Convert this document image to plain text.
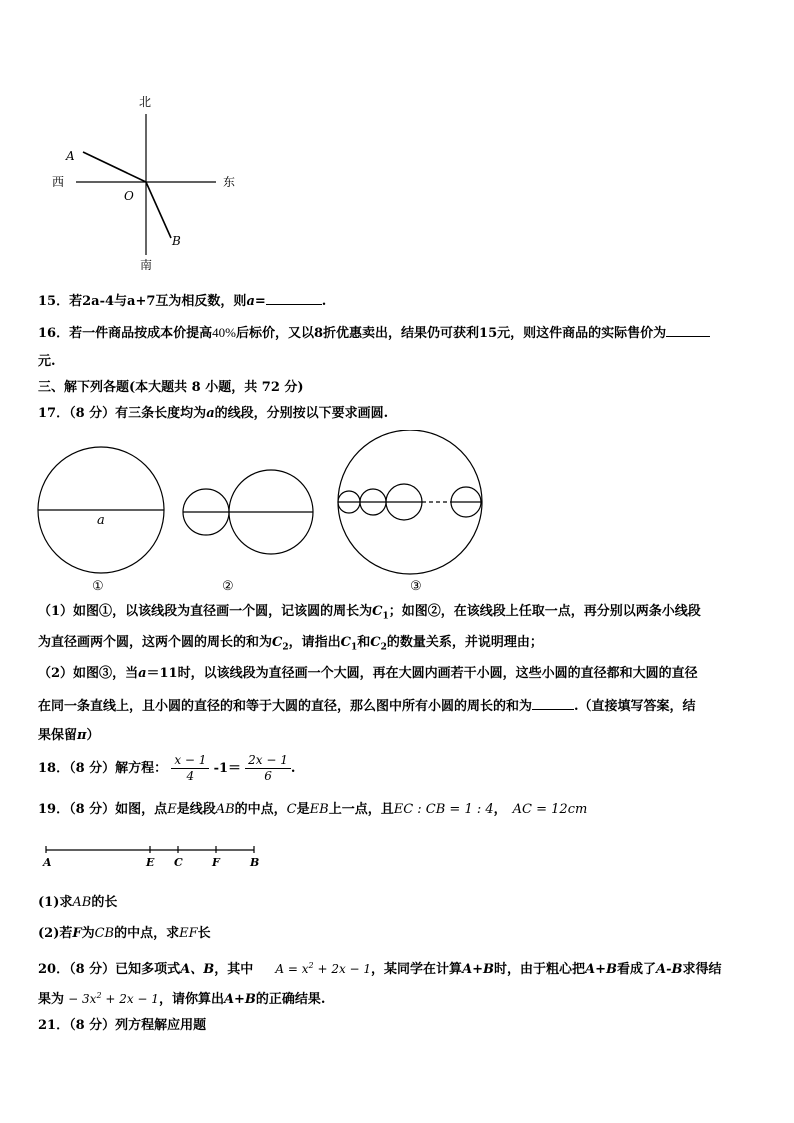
北
南
东
西
O
A
B
15．若2a-4与a+7互为相反数，则a=	.
16．若一件商品按成本价提高40%后标价，又以8折优惠卖出，结果仍可获利15元，则这件商品的实际售价为
元.
三、解下列各题(本大题共 8 小题，共 72 分)
17．（8 分）有三条长度均为a的线段，分别按以下要求画圆.
a
①	②	③
（1）如图①，以该线段为直径画一个圆，记该圆的周长为$C_1$；如图②，在该线段上任取一点，再分别以两条小线段
为直径画两个圆，这两个圆的周长的和为$C_2$，请指出$C_1$和$C_2$的数量关系，并说明理由；
（2）如图③，当a＝11时，以该线段为直径画一个大圆，再在大圆内画若干小圆，这些小圆的直径都和大圆的直径
在同一条直线上，且小圆的直径的和等于大圆的直径，那么图中所有小圆的周长的和为	.（直接填写答案，结
果保留π）
18．（8 分）解方程： $\frac{x - 1}{4} -1= \frac{2x - 1}{6}$ .
19．（8 分）如图，点E是线段AB的中点，C是EB上一点，且EC : CB = 1 : 4， AC = 12cm
A	E C	F	B
(1)求AB的长
(2)若F为CB的中点，求EF长
20．（8 分）已知多项式A、B，其中 $A = x^2 + 2x - 1$，某同学在计算A+B时，由于粗心把A+B看成了A-B求得结
果为 − $3x^2 + 2x - 1$，请你算出A+B的正确结果.
21．（8 分）列方程解应用题
